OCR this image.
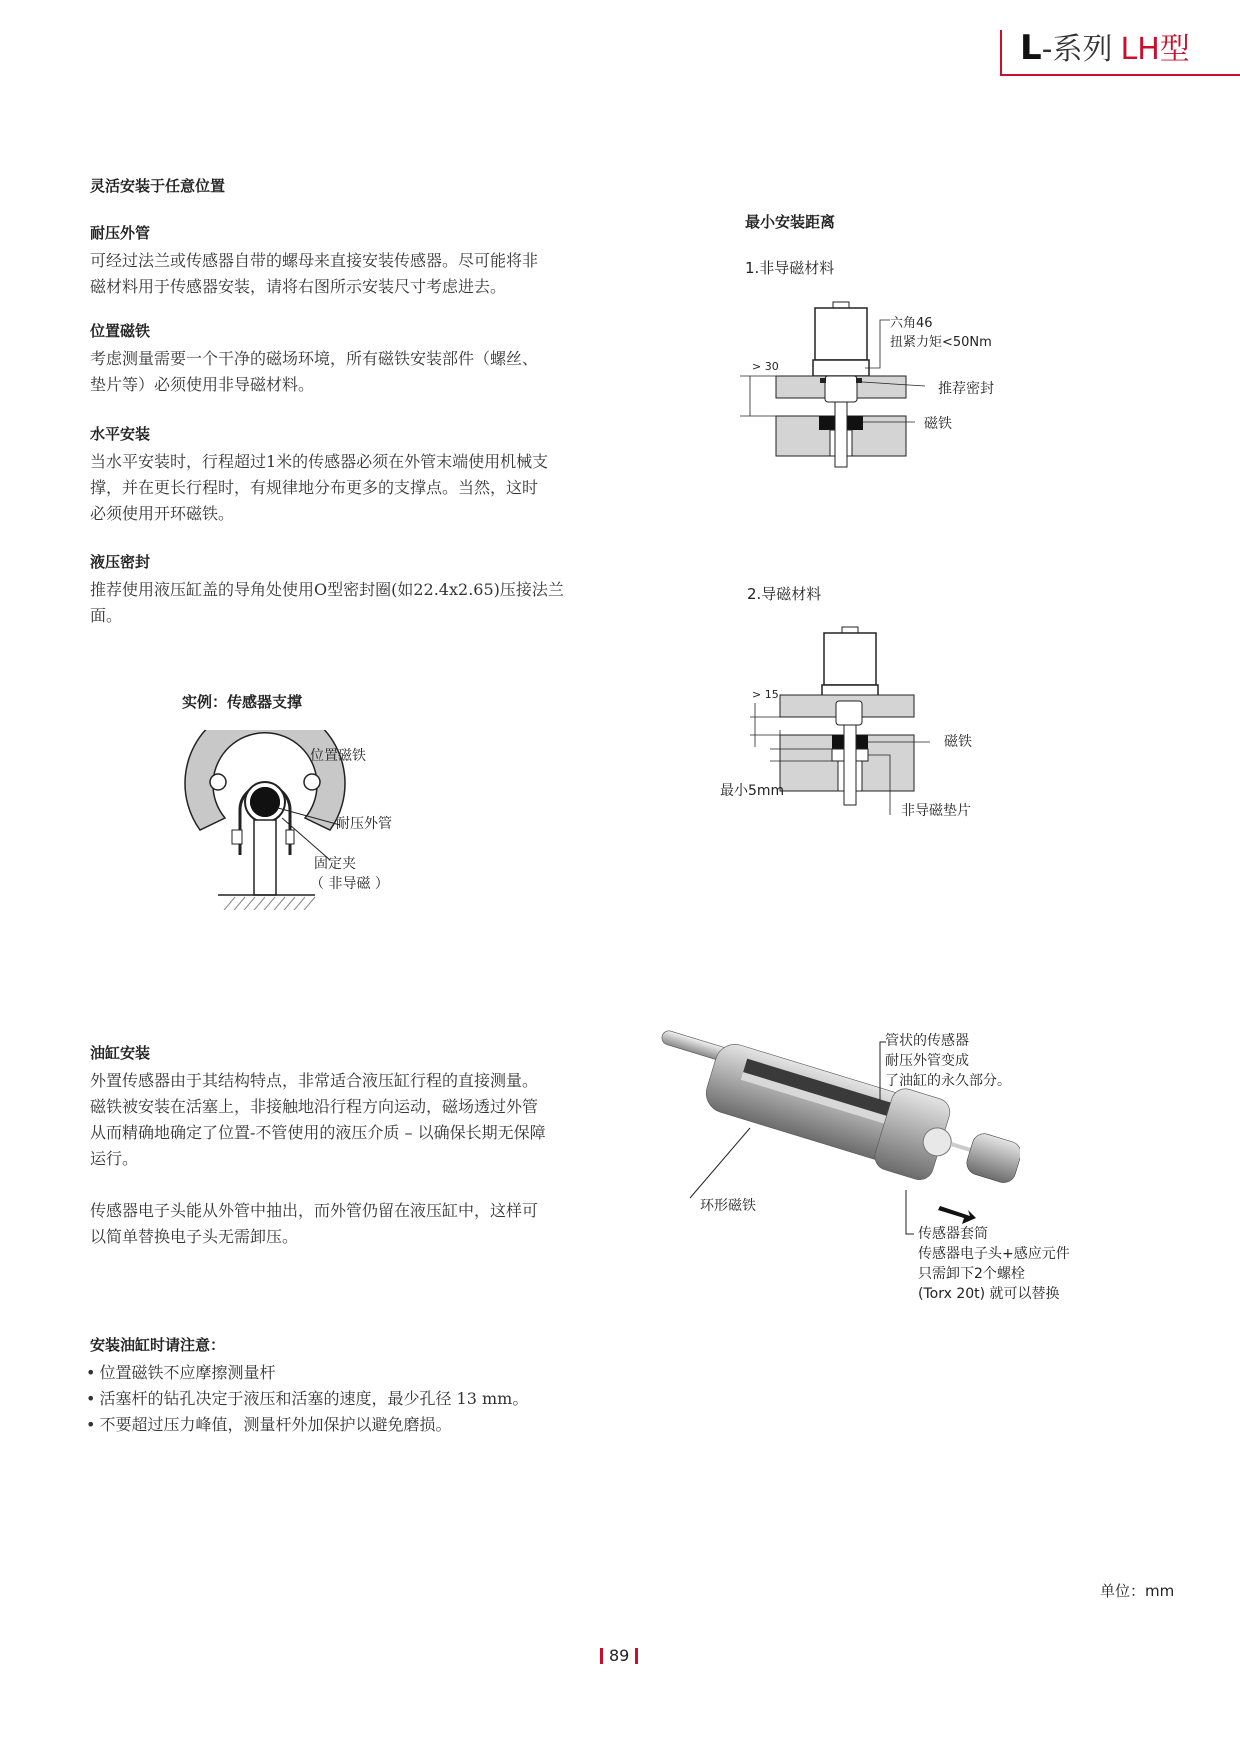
L-系列 LH型
灵活安装于任意位置
耐压外管
可经过法兰或传感器自带的螺母来直接安装传感器。尽可能将非
磁材料用于传感器安装，请将右图所示安装尺寸考虑进去。
位置磁铁
考虑测量需要一个干净的磁场环境，所有磁铁安装部件（螺丝、
垫片等）必须使用非导磁材料。
水平安装
当水平安装时，行程超过1米的传感器必须在外管末端使用机械支
撑，并在更长行程时，有规律地分布更多的支撑点。当然，这时
必须使用开环磁铁。
液压密封
推荐使用液压缸盖的导角处使用O型密封圈(如22.4x2.65)压接法兰
面。
实例：传感器支撑
位置磁铁
耐压外管
固定夹
（ 非导磁 ）
油缸安装
外置传感器由于其结构特点，非常适合液压缸行程的直接测量。
磁铁被安装在活塞上，非接触地沿行程方向运动，磁场透过外管
从而精确地确定了位置-不管使用的液压介质 – 以确保长期无保障
运行。
传感器电子头能从外管中抽出，而外管仍留在液压缸中，这样可
以简单替换电子头无需卸压。
安装油缸时请注意：
• 位置磁铁不应摩擦测量杆
• 活塞杆的钻孔决定于液压和活塞的速度，最少孔径 13 mm。
• 不要超过压力峰值，测量杆外加保护以避免磨损。
最小安装距离
1.非导磁材料
> 30
六角46
扭紧力矩<50Nm
推荐密封
磁铁
2.导磁材料
> 15
磁铁
最小5mm
非导磁垫片
管状的传感器
耐压外管变成
了油缸的永久部分。
环形磁铁
传感器套筒
传感器电子头+感应元件
只需卸下2个螺栓
(Torx 20t) 就可以替换
单位：mm
89
